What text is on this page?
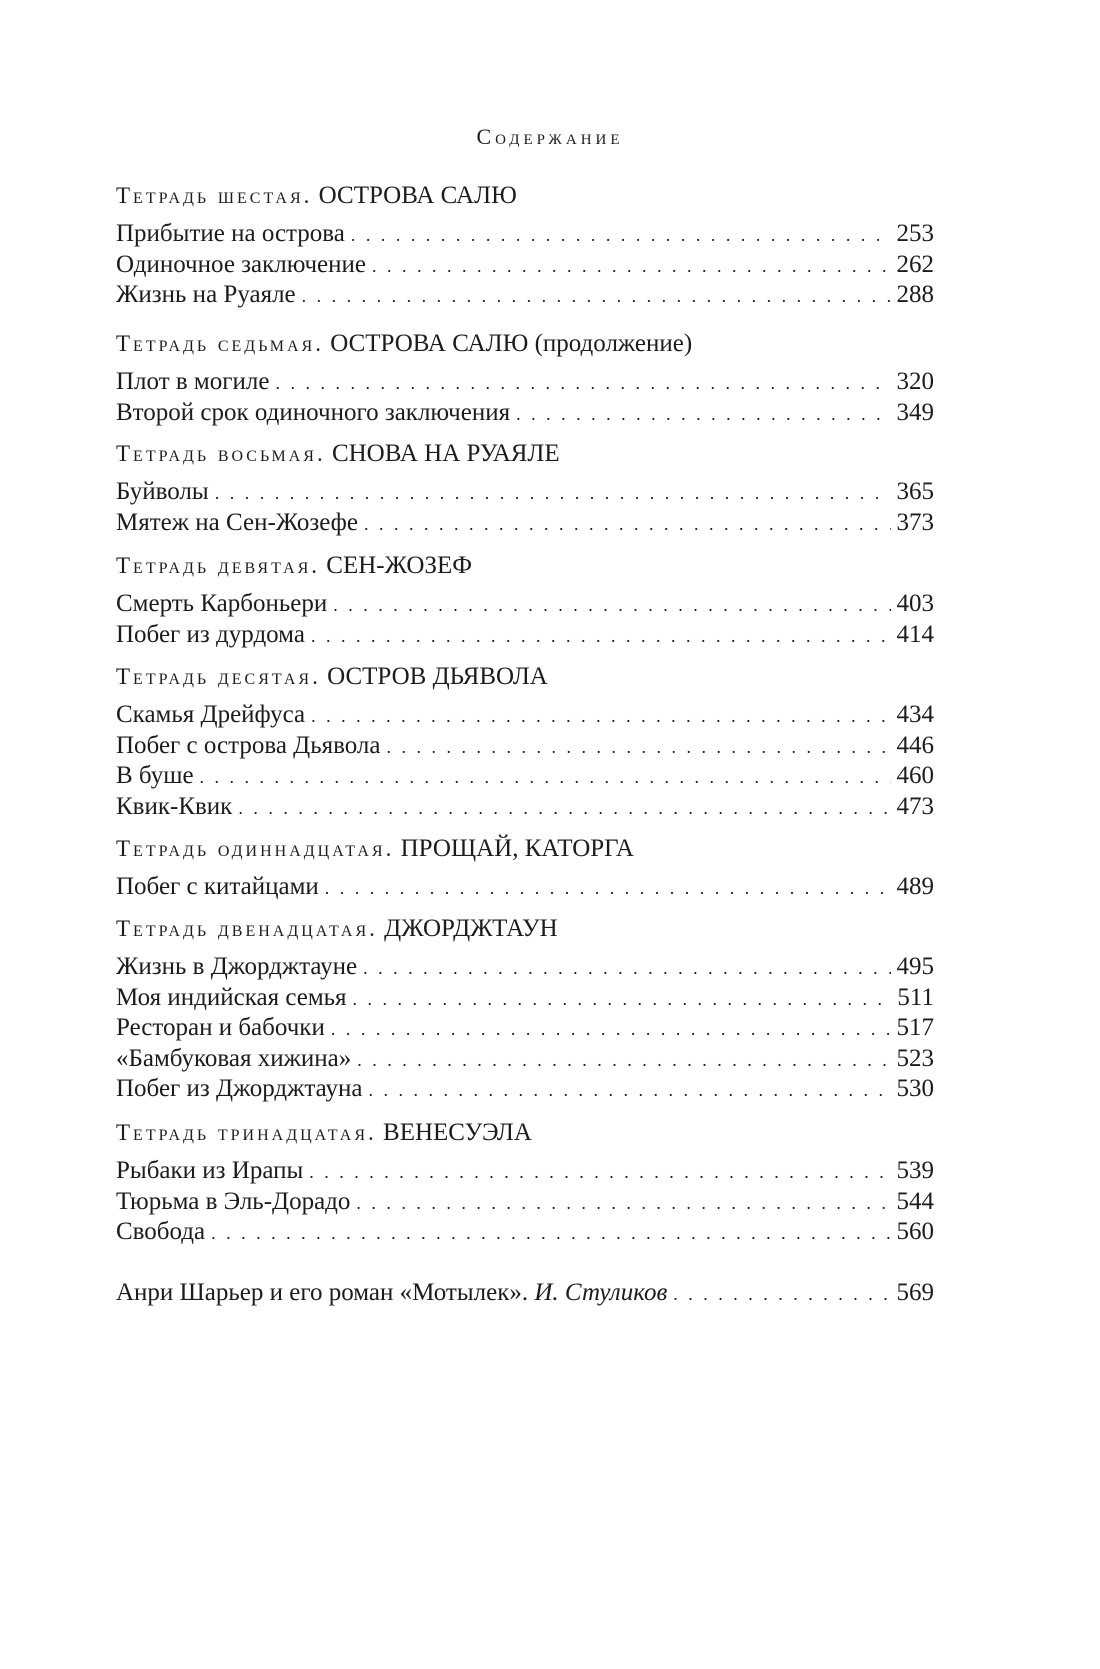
Содержание
Тетрадь шестая. ОСТРОВА САЛЮ
Прибытие на острова . . .	253
Одиночное заключение . . .	262
Жизнь на Руаяле . . .	288
Тетрадь седьмая. ОСТРОВА САЛЮ (продолжение)
Плот в могиле . . .	320
Второй срок одиночного заключения . . .	349
Тетрадь восьмая. СНОВА НА РУАЯЛЕ
Буйволы . . .	365
Мятеж на Сен-Жозефе . . .	373
Тетрадь девятая. СЕН-ЖОЗЕФ
Смерть Карбоньери . . .	403
Побег из дурдома . . .	414
Тетрадь десятая. ОСТРОВ ДЬЯВОЛА
Скамья Дрейфуса . . .	434
Побег с острова Дьявола . . .	446
В буше . . .	460
Квик-Квик . . .	473
Тетрадь одиннадцатая. ПРОЩАЙ, КАТОРГА
Побег с китайцами . . .	489
Тетрадь двенадцатая. ДЖОРДЖТАУН
Жизнь в Джорджтауне . . .	495
Моя индийская семья . . .	511
Ресторан и бабочки . . .	517
«Бамбуковая хижина» . . .	523
Побег из Джорджтауна . . .	530
Тетрадь тринадцатая. ВЕНЕСУЭЛА
Рыбаки из Ирапы . . .	539
Тюрьма в Эль-Дорадо . . .	544
Свобода . . .	560
Анри Шарьер и его роман «Мотылек». И. Стуликов . . .	569
